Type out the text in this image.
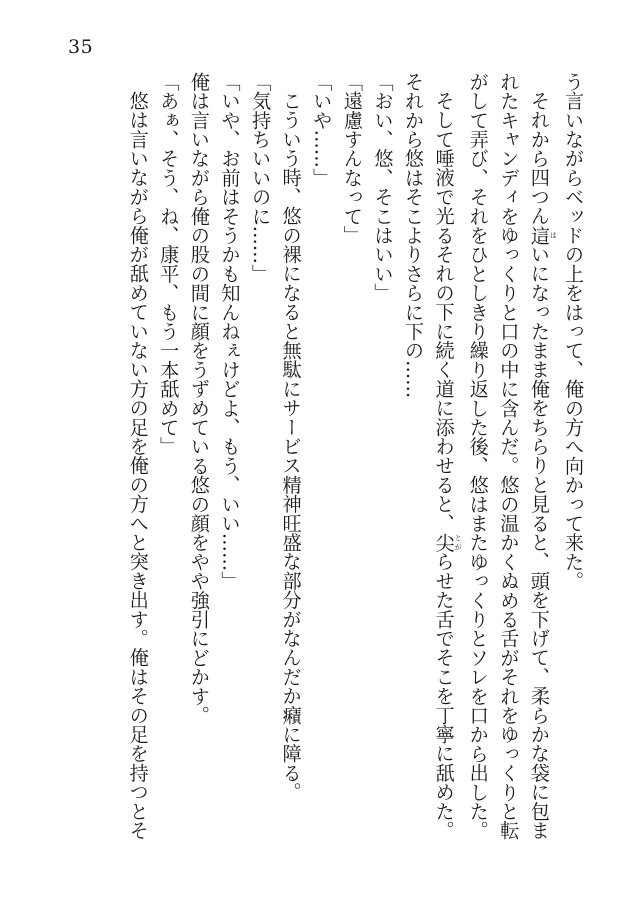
35
う言いながらベッドの上をはって、俺の方へ向かって来た。
それから四つん這はいになったまま俺をちらりと見ると、頭を下げて、柔らかな袋に包ま
れたキャンディをゆっくりと口の中に含んだ。悠の温かくぬめる舌がそれをゆっくりと転
がして弄び、それをひとしきり繰り返した後、悠はまたゆっくりとソレを口から出した。
そして唾液で光るそれの下に続く道に添わせると、尖とがらせた舌でそこを丁寧に舐めた。
それから悠はそこよりさらに下の……
「おい、悠、そこはいい」
「遠慮すんなって」
「いや……」
こういう時、悠の裸になると無駄にサービス精神旺盛な部分がなんだか癪に障る。
「気持ちいいのに……」
「いや、お前はそうかも知んねぇけどよ、もう、いい……」
俺は言いながら俺の股の間に顔をうずめている悠の顔をやや強引にどかす。
「あぁ、そう、ね、康平、もう一本舐めて」
悠は言いながら俺が舐めていない方の足を俺の方へと突き出す。俺はその足を持つとそ
